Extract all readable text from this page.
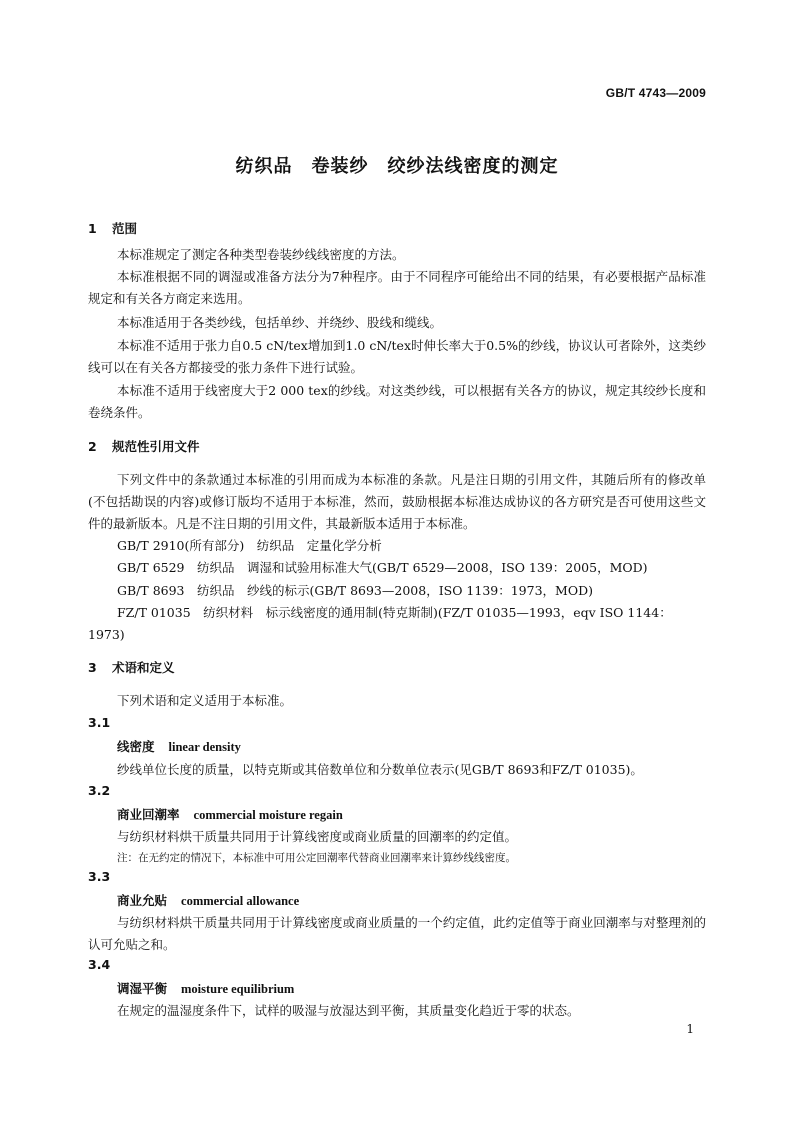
GB/T 4743—2009
纺织品　卷装纱　绞纱法线密度的测定
1 范围
本标准规定了测定各种类型卷装纱线线密度的方法。
本标准根据不同的调湿或准备方法分为7种程序。由于不同程序可能给出不同的结果，有必要根据产品标准规定和有关各方商定来选用。
本标准适用于各类纱线，包括单纱、并绕纱、股线和缆线。
本标准不适用于张力自0.5 cN/tex增加到1.0 cN/tex时伸长率大于0.5%的纱线，协议认可者除外，这类纱线可以在有关各方都接受的张力条件下进行试验。
本标准不适用于线密度大于2 000 tex的纱线。对这类纱线，可以根据有关各方的协议，规定其绞纱长度和卷绕条件。
2 规范性引用文件
下列文件中的条款通过本标准的引用而成为本标准的条款。凡是注日期的引用文件，其随后所有的修改单(不包括勘误的内容)或修订版均不适用于本标准，然而，鼓励根据本标准达成协议的各方研究是否可使用这些文件的最新版本。凡是不注日期的引用文件，其最新版本适用于本标准。
GB/T 2910(所有部分)　纺织品　定量化学分析
GB/T 6529　纺织品　调湿和试验用标准大气(GB/T 6529—2008，ISO 139：2005，MOD)
GB/T 8693　纺织品　纱线的标示(GB/T 8693—2008，ISO 1139：1973，MOD)
FZ/T 01035　纺织材料　标示线密度的通用制(特克斯制)(FZ/T 01035—1993，eqv ISO 1144：1973)
3 术语和定义
下列术语和定义适用于本标准。
3.1
线密度 linear density
纱线单位长度的质量，以特克斯或其倍数单位和分数单位表示(见GB/T 8693和FZ/T 01035)。
3.2
商业回潮率 commercial moisture regain
与纺织材料烘干质量共同用于计算线密度或商业质量的回潮率的约定值。
注：在无约定的情况下，本标准中可用公定回潮率代替商业回潮率来计算纱线线密度。
3.3
商业允贴 commercial allowance
与纺织材料烘干质量共同用于计算线密度或商业质量的一个约定值，此约定值等于商业回潮率与对整理剂的认可允贴之和。
3.4
调湿平衡 moisture equilibrium
在规定的温湿度条件下，试样的吸湿与放湿达到平衡，其质量变化趋近于零的状态。
1
